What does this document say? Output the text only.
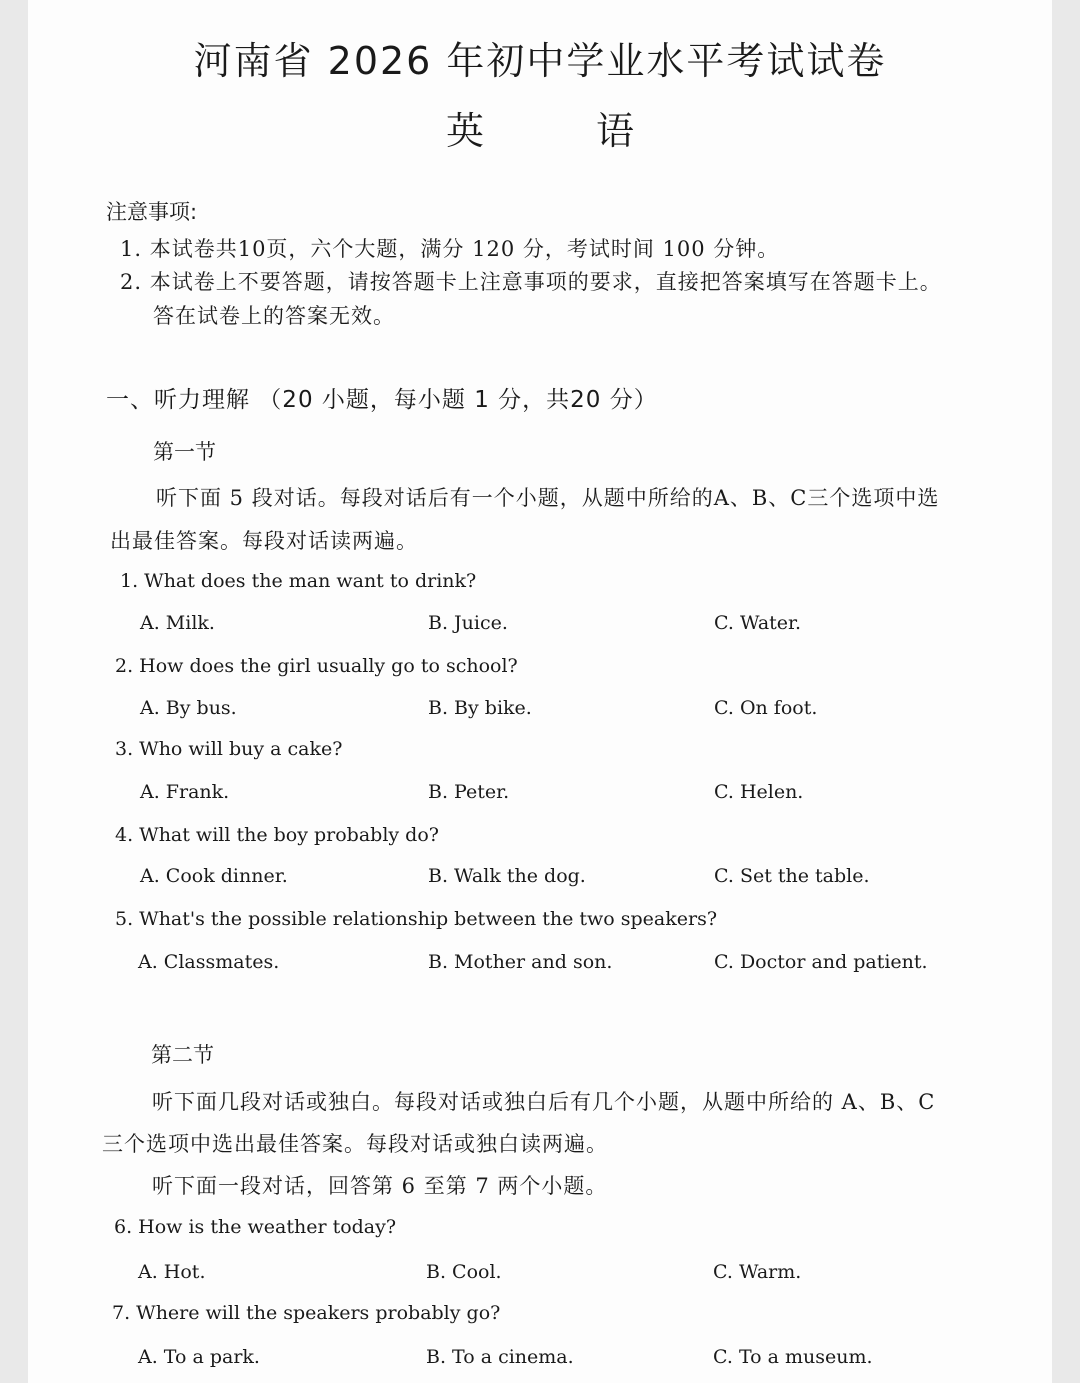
河南省 2026 年初中学业水平考试试卷
英	语
注意事项:
1. 本试卷共10页，六个大题，满分 120 分，考试时间 100 分钟。
2. 本试卷上不要答题，请按答题卡上注意事项的要求，直接把答案填写在答题卡上。
答在试卷上的答案无效。
一、听力理解 （20 小题，每小题 1 分，共20 分）
第一节
听下面 5 段对话。每段对话后有一个小题，从题中所给的A、B、C三个选项中选
出最佳答案。每段对话读两遍。
1. What does the man want to drink?
A. Milk.	B. Juice.	C. Water.
2. How does the girl usually go to school?
A. By bus.	B. By bike.	C. On foot.
3. Who will buy a cake?
A. Frank.	B. Peter.	C. Helen.
4. What will the boy probably do?
A. Cook dinner.	B. Walk the dog.	C. Set the table.
5. What's the possible relationship between the two speakers?
A. Classmates.	B. Mother and son.	C. Doctor and patient.
第二节
听下面几段对话或独白。每段对话或独白后有几个小题，从题中所给的 A、B、C
三个选项中选出最佳答案。每段对话或独白读两遍。
听下面一段对话，回答第 6 至第 7 两个小题。
6. How is the weather today?
A. Hot.	B. Cool.	C. Warm.
7. Where will the speakers probably go?
A. To a park.	B. To a cinema.	C. To a museum.
